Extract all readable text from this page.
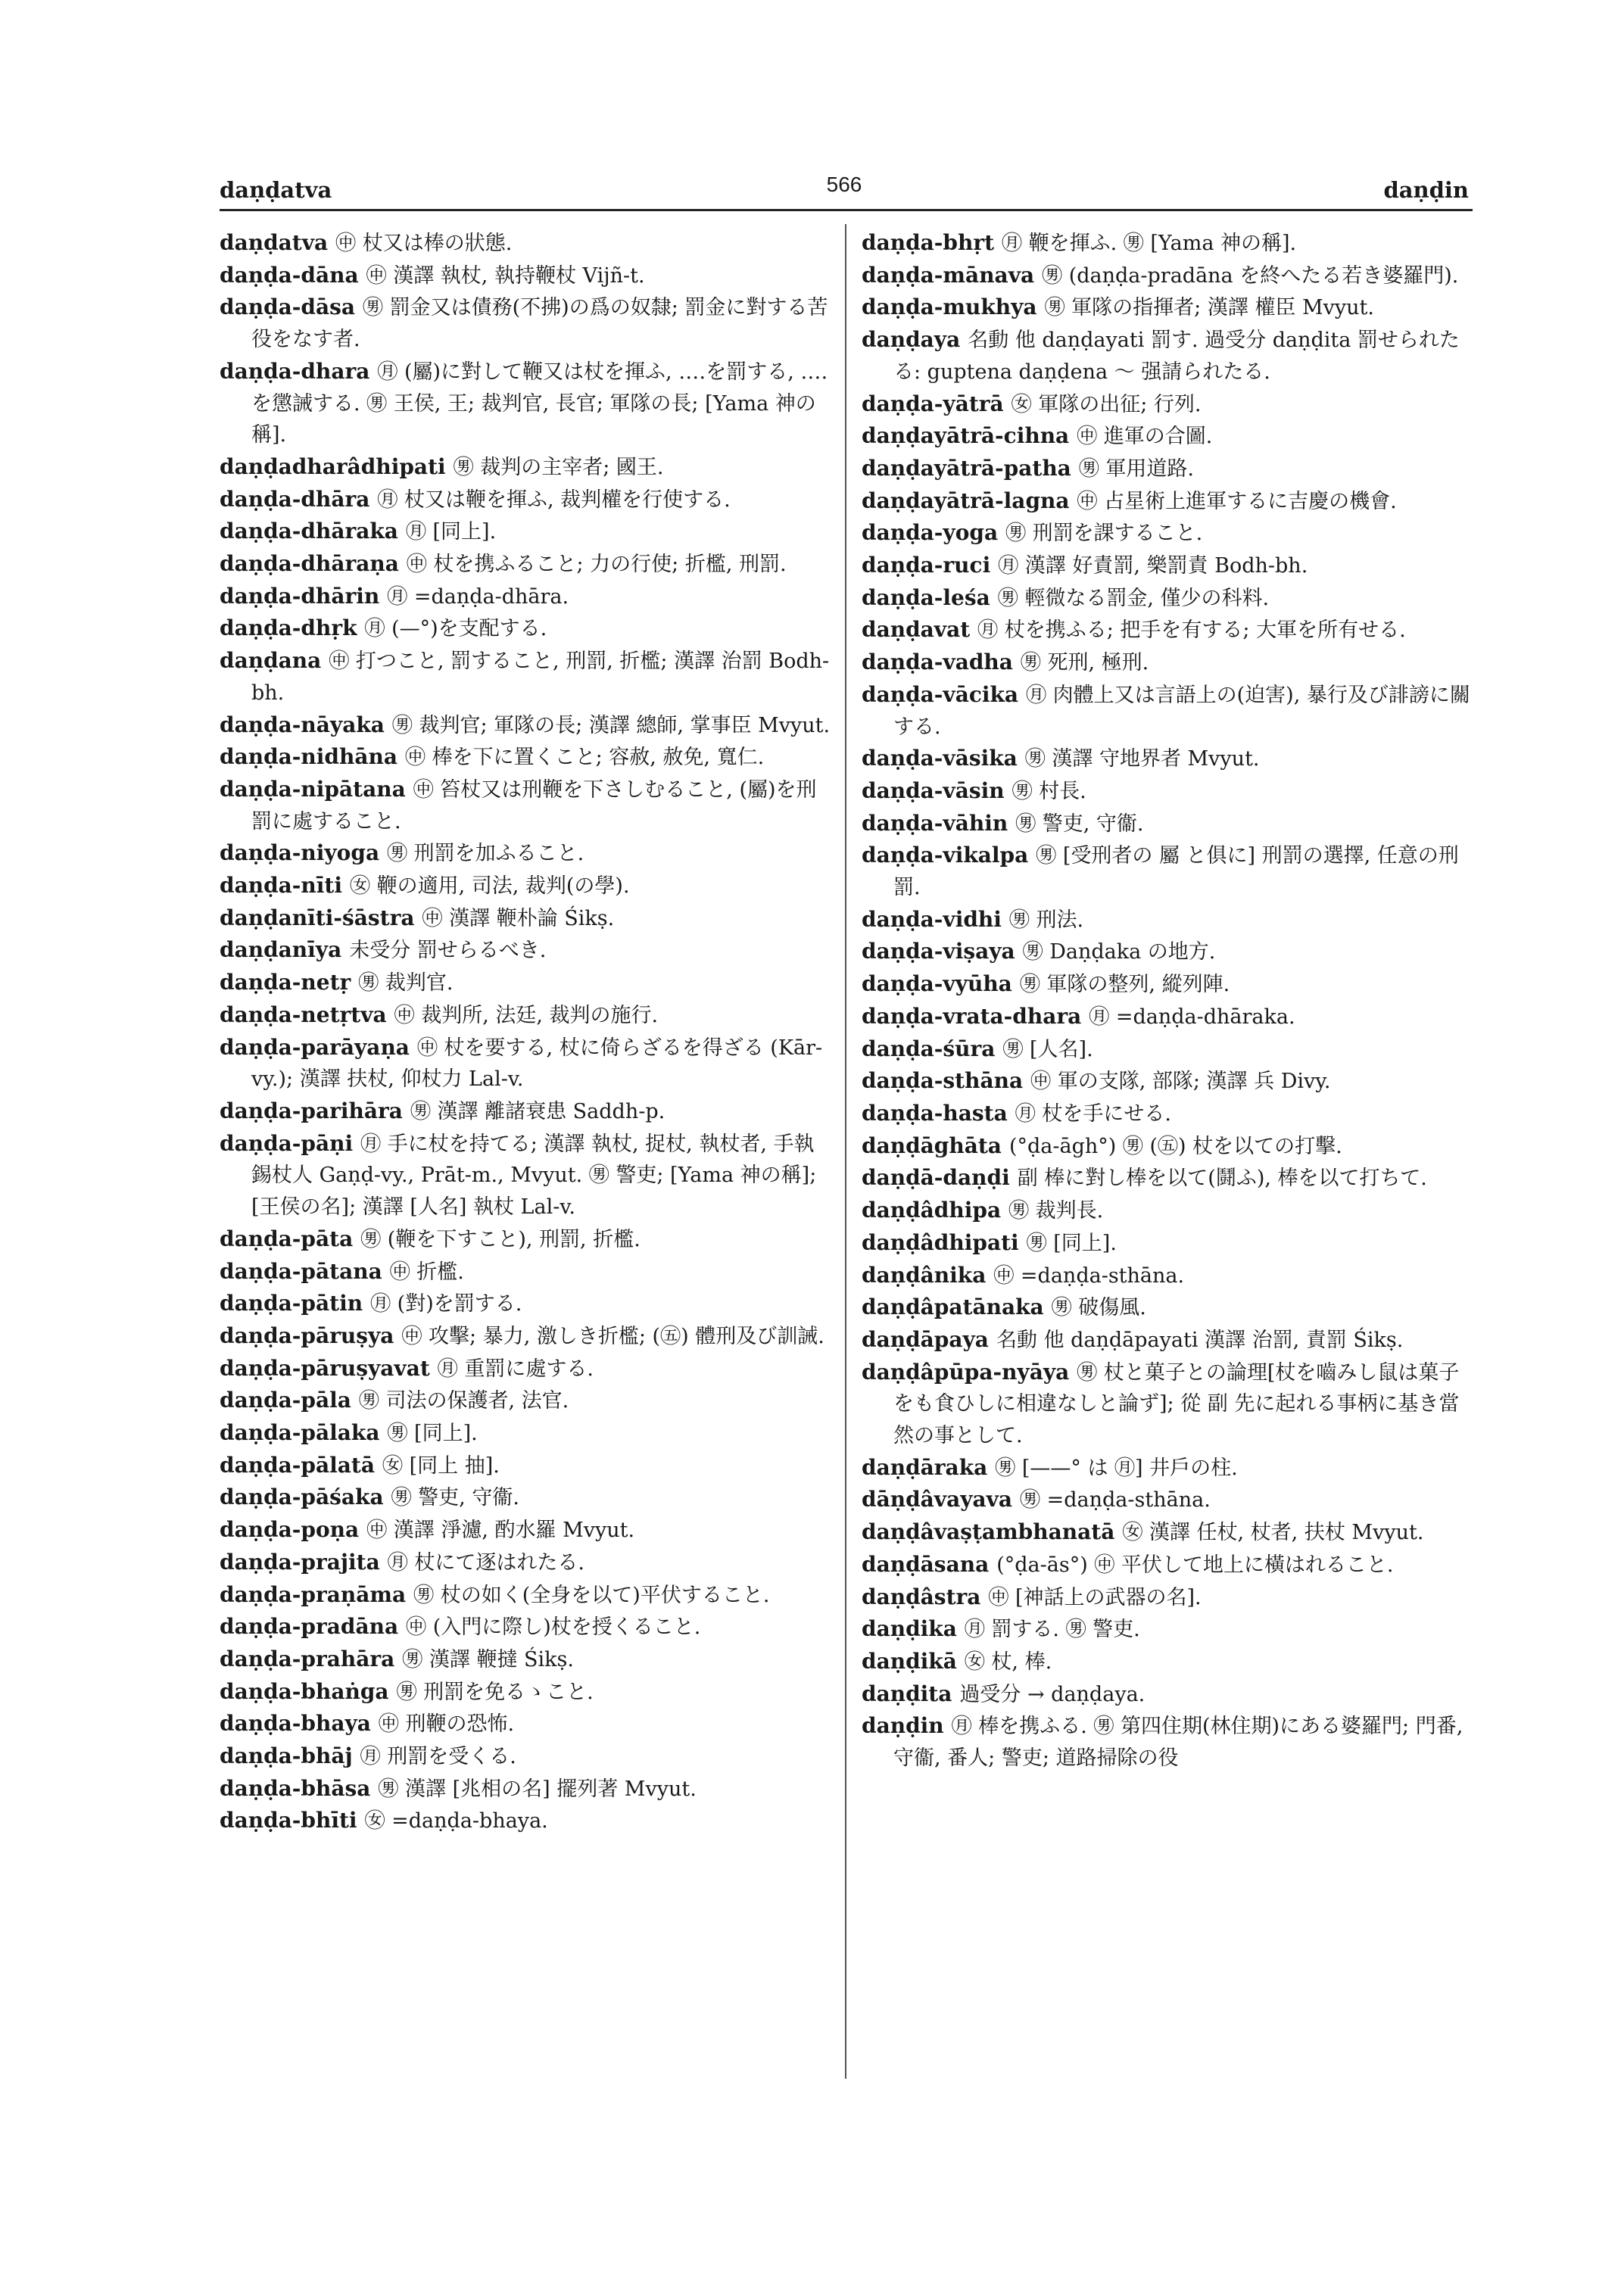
daṇḍatva	566	daṇḍin

daṇḍatva ㊥ 杖又は棒の狀態.

daṇḍa-dāna ㊥ 漢譯 執杖, 執持鞭杖 Vijñ-t.

daṇḍa-dāsa ㊚ 罰金又は債務(不拂)の爲の奴隸; 罰金に對する苦役をなす者.

daṇḍa-dhara ㊊ (屬)に對して鞭又は杖を揮ふ, ‥‥を罰する, ‥‥を懲誡する. ㊚ 王侯, 王; 裁判官, 長官; 軍隊の長; [Yama 神の稱].

daṇḍadharâdhipati ㊚ 裁判の主宰者; 國王.

daṇḍa-dhāra ㊊ 杖又は鞭を揮ふ, 裁判權を行使する.

daṇḍa-dhāraka ㊊ [同上].

daṇḍa-dhāraṇa ㊥ 杖を携ふること; 力の行使; 折檻, 刑罰.

daṇḍa-dhārin ㊊ =daṇḍa-dhāra.

daṇḍa-dhṛk ㊊ (—°)を支配する.

daṇḍana ㊥ 打つこと, 罰すること, 刑罰, 折檻; 漢譯 治罰 Bodh-bh.

daṇḍa-nāyaka ㊚ 裁判官; 軍隊の長; 漢譯 總師, 掌事臣 Mvyut.

daṇḍa-nidhāna ㊥ 棒を下に置くこと; 容赦, 赦免, 寬仁.

daṇḍa-nipātana ㊥ 笞杖又は刑鞭を下さしむること, (屬)を刑罰に處すること.

daṇḍa-niyoga ㊚ 刑罰を加ふること.

daṇḍa-nīti ㊛ 鞭の適用, 司法, 裁判(の學).

daṇḍanīti-śāstra ㊥ 漢譯 鞭朴論 Śikṣ.

daṇḍanīya 未受分 罰せらるべき.

daṇḍa-netṛ ㊚ 裁判官.

daṇḍa-netṛtva ㊥ 裁判所, 法廷, 裁判の施行.

daṇḍa-parāyaṇa ㊥ 杖を要する, 杖に倚らざるを得ざる (Kār-vy.); 漢譯 扶杖, 仰杖力 Lal-v.

daṇḍa-parihāra ㊚ 漢譯 離諸衰患 Saddh-p.

daṇḍa-pāṇi ㊊ 手に杖を持てる; 漢譯 執杖, 捉杖, 執杖者, 手執錫杖人 Gaṇḍ-vy., Prāt-m., Mvyut. ㊚ 警吏; [Yama 神の稱]; [王侯の名]; 漢譯 [人名] 執杖 Lal-v.

daṇḍa-pāta ㊚ (鞭を下すこと), 刑罰, 折檻.

daṇḍa-pātana ㊥ 折檻.

daṇḍa-pātin ㊊ (對)を罰する.

daṇḍa-pāruṣya ㊥ 攻擊; 暴力, 激しき折檻; (㊄) 體刑及び訓誡.

daṇḍa-pāruṣyavat ㊊ 重罰に處する.

daṇḍa-pāla ㊚ 司法の保護者, 法官.

daṇḍa-pālaka ㊚ [同上].

daṇḍa-pālatā ㊛ [同上 抽].

daṇḍa-pāśaka ㊚ 警吏, 守衞.

daṇḍa-poṇa ㊥ 漢譯 淨濾, 酌水羅 Mvyut.

daṇḍa-prajita ㊊ 杖にて逐はれたる.

daṇḍa-praṇāma ㊚ 杖の如く(全身を以て)平伏すること.

daṇḍa-pradāna ㊥ (入門に際し)杖を授くること.

daṇḍa-prahāra ㊚ 漢譯 鞭撻 Śikṣ.

daṇḍa-bhaṅga ㊚ 刑罰を免るゝこと.

daṇḍa-bhaya ㊥ 刑鞭の恐怖.

daṇḍa-bhāj ㊊ 刑罰を受くる.

daṇḍa-bhāsa ㊚ 漢譯 [兆相の名] 擺列著 Mvyut.

daṇḍa-bhīti ㊛ =daṇḍa-bhaya.

daṇḍa-bhṛt ㊊ 鞭を揮ふ. ㊚ [Yama 神の稱].

daṇḍa-mānava ㊚ (daṇḍa-pradāna を終へたる若き婆羅門).

daṇḍa-mukhya ㊚ 軍隊の指揮者; 漢譯 權臣 Mvyut.

daṇḍaya 名動 他 daṇḍayati 罰す. 過受分 daṇḍita 罰せられたる: guptena daṇḍena ～ 强請られたる.

daṇḍa-yātrā ㊛ 軍隊の出征; 行列.

daṇḍayātrā-cihna ㊥ 進軍の合圖.

daṇḍayātrā-patha ㊚ 軍用道路.

daṇḍayātrā-lagna ㊥ 占星術上進軍するに吉慶の機會.

daṇḍa-yoga ㊚ 刑罰を課すること.

daṇḍa-ruci ㊊ 漢譯 好責罰, 樂罰責 Bodh-bh.

daṇḍa-leśa ㊚ 輕微なる罰金, 僅少の科料.

daṇḍavat ㊊ 杖を携ふる; 把手を有する; 大軍を所有せる.

daṇḍa-vadha ㊚ 死刑, 極刑.

daṇḍa-vācika ㊊ 肉體上又は言語上の(迫害), 暴行及び誹謗に關する.

daṇḍa-vāsika ㊚ 漢譯 守地界者 Mvyut.

daṇḍa-vāsin ㊚ 村長.

daṇḍa-vāhin ㊚ 警吏, 守衞.

daṇḍa-vikalpa ㊚ [受刑者の 屬 と俱に] 刑罰の選擇, 任意の刑罰.

daṇḍa-vidhi ㊚ 刑法.

daṇḍa-viṣaya ㊚ Daṇḍaka の地方.

daṇḍa-vyūha ㊚ 軍隊の整列, 縱列陣.

daṇḍa-vrata-dhara ㊊ =daṇḍa-dhāraka.

daṇḍa-śūra ㊚ [人名].

daṇḍa-sthāna ㊥ 軍の支隊, 部隊; 漢譯 兵 Divy.

daṇḍa-hasta ㊊ 杖を手にせる.

daṇḍāghāta (°ḍa-āgh°) ㊚ (㊄) 杖を以ての打擊.

daṇḍā-daṇḍi 副 棒に對し棒を以て(鬪ふ), 棒を以て打ちて.

daṇḍâdhipa ㊚ 裁判長.

daṇḍâdhipati ㊚ [同上].

daṇḍânika ㊥ =daṇḍa-sthāna.

daṇḍâpatānaka ㊚ 破傷風.

daṇḍāpaya 名動 他 daṇḍāpayati 漢譯 治罰, 責罰 Śikṣ.

daṇḍâpūpa-nyāya ㊚ 杖と菓子との論理[杖を嚙みし鼠は菓子をも食ひしに相違なしと論ず]; 從 副 先に起れる事柄に基き當然の事として.

daṇḍāraka ㊚ [——° は ㊊] 井戶の柱.

dāṇḍâvayava ㊚ =daṇḍa-sthāna.

daṇḍâvaṣṭambhanatā ㊛ 漢譯 任杖, 杖者, 扶杖 Mvyut.

daṇḍāsana (°ḍa-ās°) ㊥ 平伏して地上に橫はれること.

daṇḍâstra ㊥ [神話上の武器の名].

daṇḍika ㊊ 罰する. ㊚ 警吏.

daṇḍikā ㊛ 杖, 棒.

daṇḍita 過受分 → daṇḍaya.

daṇḍin ㊊ 棒を携ふる. ㊚ 第四住期(林住期)にある婆羅門; 門番, 守衞, 番人; 警吏; 道路掃除の役
